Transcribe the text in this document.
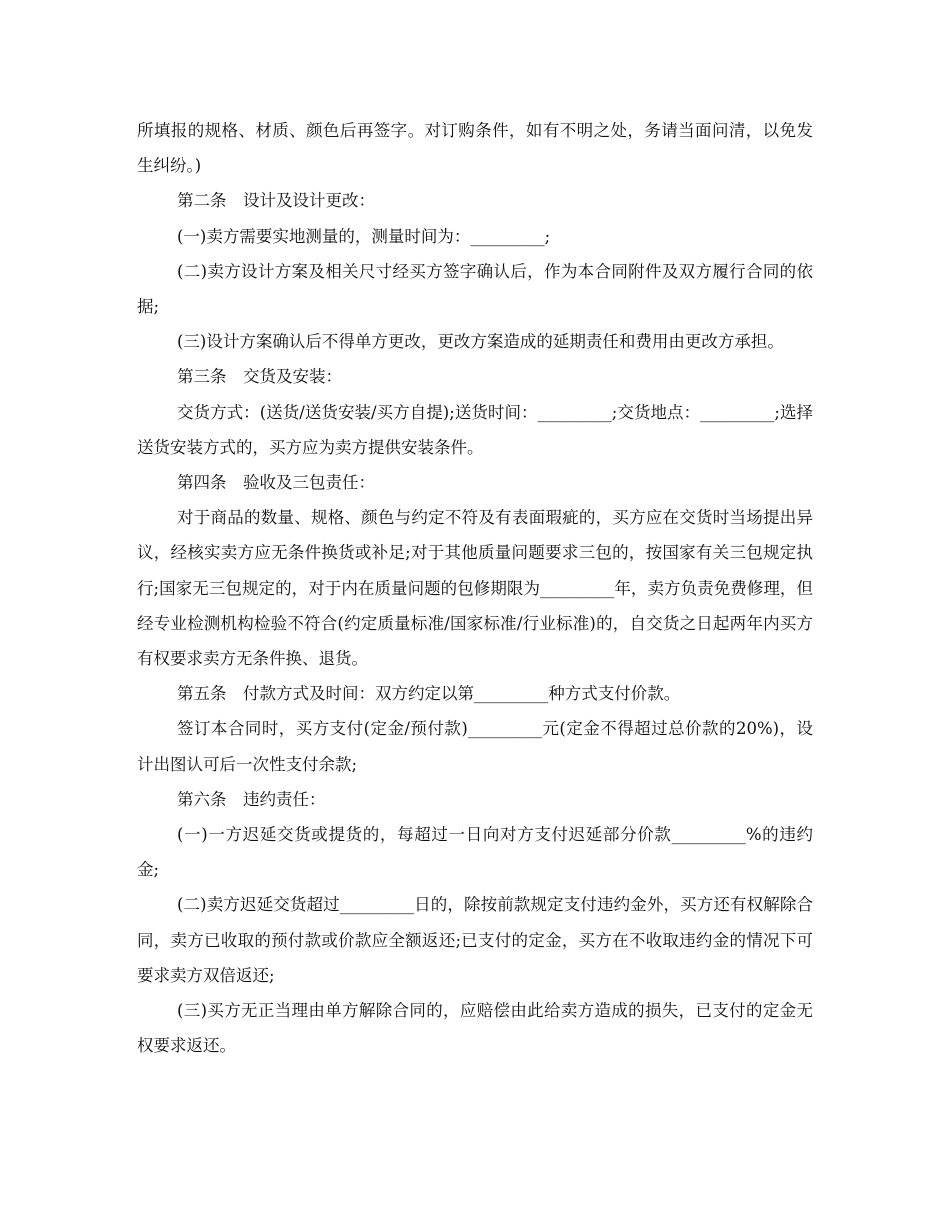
所填报的规格、材质、颜色后再签字。对订购条件，如有不明之处，务请当面问清，以免发生纠纷。)

第二条　设计及设计更改：

(一)卖方需要实地测量的，测量时间为：_________;

(二)卖方设计方案及相关尺寸经买方签字确认后，作为本合同附件及双方履行合同的依据;

(三)设计方案确认后不得单方更改，更改方案造成的延期责任和费用由更改方承担。

第三条　交货及安装：

交货方式：(送货/送货安装/买方自提);送货时间：_________;交货地点：_________;选择送货安装方式的，买方应为卖方提供安装条件。

第四条　验收及三包责任：

对于商品的数量、规格、颜色与约定不符及有表面瑕疵的，买方应在交货时当场提出异议，经核实卖方应无条件换货或补足;对于其他质量问题要求三包的，按国家有关三包规定执行;国家无三包规定的，对于内在质量问题的包修期限为_________年，卖方负责免费修理，但经专业检测机构检验不符合(约定质量标准/国家标准/行业标准)的，自交货之日起两年内买方有权要求卖方无条件换、退货。

第五条　付款方式及时间：双方约定以第_________种方式支付价款。

签订本合同时，买方支付(定金/预付款)_________元(定金不得超过总价款的20%)，设计出图认可后一次性支付余款;

第六条　违约责任：

(一)一方迟延交货或提货的，每超过一日向对方支付迟延部分价款_________%的违约金;

(二)卖方迟延交货超过_________日的，除按前款规定支付违约金外，买方还有权解除合同，卖方已收取的预付款或价款应全额返还;已支付的定金，买方在不收取违约金的情况下可要求卖方双倍返还;

(三)买方无正当理由单方解除合同的，应赔偿由此给卖方造成的损失，已支付的定金无权要求返还。
